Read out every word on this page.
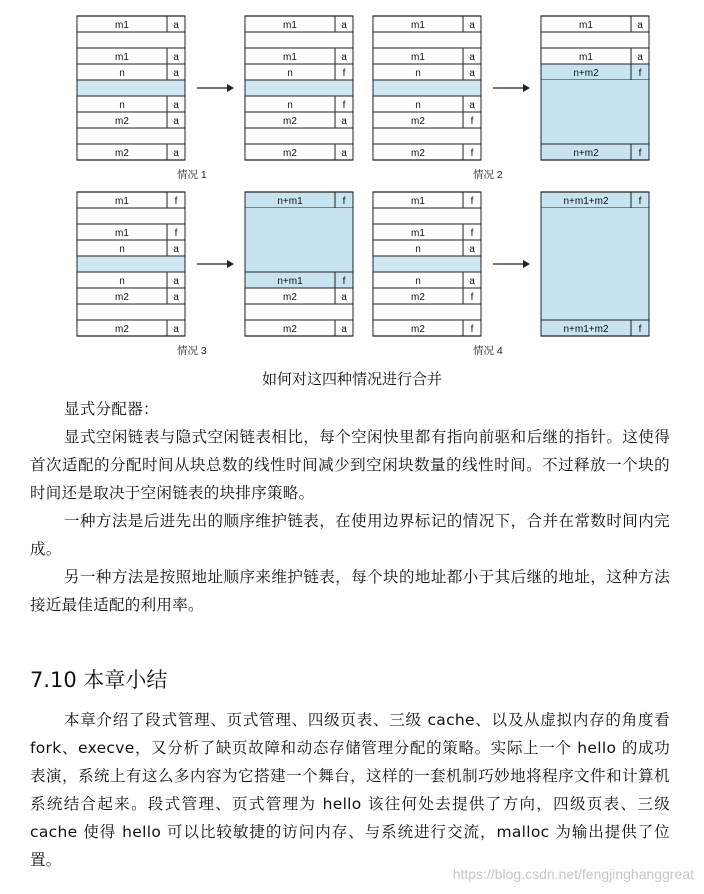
m1	a
m1	a
n	a
n	a
m2	a
m2	a
m1	a
m1	a
n	f
n	f
m2	a
m2	a
情况 1
m1	a
m1	a
n	a
n	a
m2	f
m2	f
m1	a
m1	a
n+m2	f
n+m2	f
情况 2
m1	f
m1	f
n	a
n	a
m2	a
m2	a
n+m1	f
n+m1	f
m2	a
m2	a
情况 3
m1	f
m1	f
n	a
n	a
m2	f
m2	f
n+m1+m2	f
n+m1+m2	f
情况 4
如何对这四种情况进行合并
显式分配器：
显式空闲链表与隐式空闲链表相比，每个空闲快里都有指向前驱和后继的指针。这使得首次适配的分配时间从块总数的线性时间减少到空闲块数量的线性时间。不过释放一个块的时间还是取决于空闲链表的块排序策略。
一种方法是后进先出的顺序维护链表，在使用边界标记的情况下，合并在常数时间内完成。
另一种方法是按照地址顺序来维护链表，每个块的地址都小于其后继的地址，这种方法接近最佳适配的利用率。
7.10 本章小结
本章介绍了段式管理、页式管理、四级页表、三级 cache、以及从虚拟内存的角度看 fork、execve，又分析了缺页故障和动态存储管理分配的策略。实际上一个 hello 的成功表演，系统上有这么多内容为它搭建一个舞台，这样的一套机制巧妙地将程序文件和计算机系统结合起来。段式管理、页式管理为 hello 该往何处去提供了方向，四级页表、三级 cache 使得 hello 可以比较敏捷的访问内存、与系统进行交流，malloc 为输出提供了位置。
https://blog.csdn.net/fengjinghanggreat
